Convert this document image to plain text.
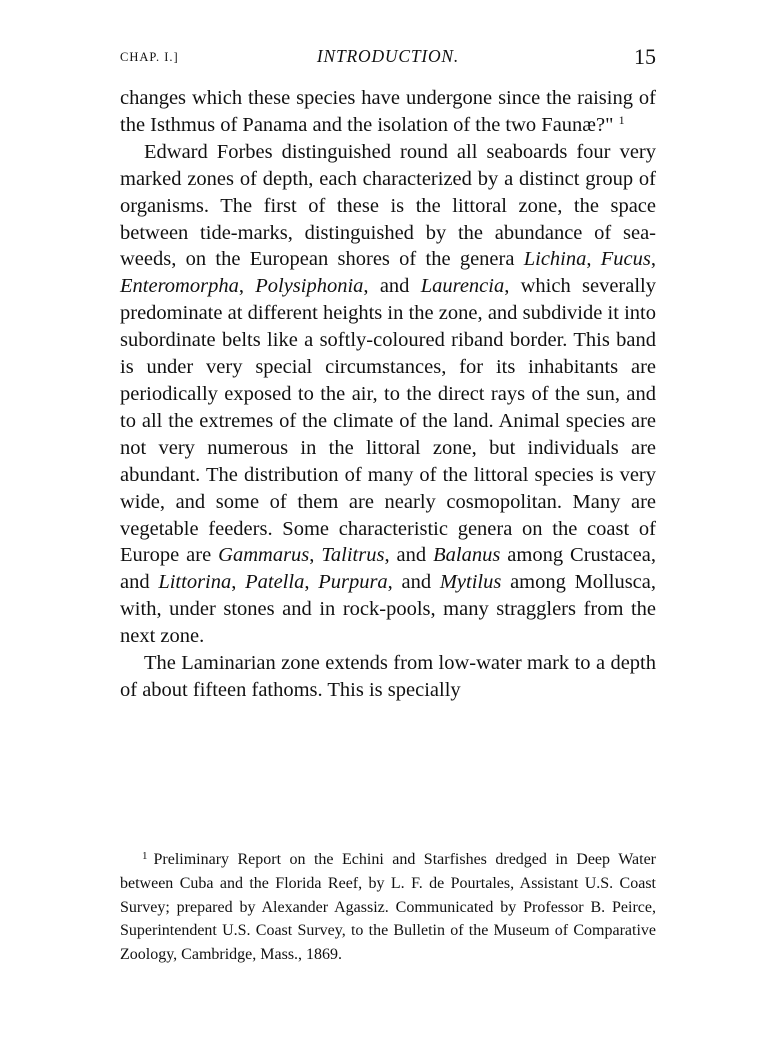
CHAP. I.]	INTRODUCTION.	15

changes which these species have undergone since the raising of the Isthmus of Panama and the isolation of the two Faunæ?" $^1$

Edward Forbes distinguished round all seaboards four very marked zones of depth, each characterized by a distinct group of organisms. The first of these is the littoral zone, the space between tide-marks, distinguished by the abundance of sea-weeds, on the European shores of the genera Lichina, Fucus, Enteromorpha, Polysiphonia, and Laurencia, which severally predominate at different heights in the zone, and subdivide it into subordinate belts like a softly-coloured riband border. This band is under very special circumstances, for its inhabitants are periodically exposed to the air, to the direct rays of the sun, and to all the extremes of the climate of the land. Animal species are not very numerous in the littoral zone, but individuals are abundant. The distribution of many of the littoral species is very wide, and some of them are nearly cosmopolitan. Many are vegetable feeders. Some characteristic genera on the coast of Europe are Gammarus, Talitrus, and Balanus among Crustacea, and Littorina, Patella, Purpura, and Mytilus among Mollusca, with, under stones and in rock-pools, many stragglers from the next zone.

The Laminarian zone extends from low-water mark to a depth of about fifteen fathoms. This is specially

$^1$ Preliminary Report on the Echini and Starfishes dredged in Deep Water between Cuba and the Florida Reef, by L. F. de Pourtales, Assistant U.S. Coast Survey; prepared by Alexander Agassiz. Communicated by Professor B. Peirce, Superintendent U.S. Coast Survey, to the Bulletin of the Museum of Comparative Zoology, Cambridge, Mass., 1869.
